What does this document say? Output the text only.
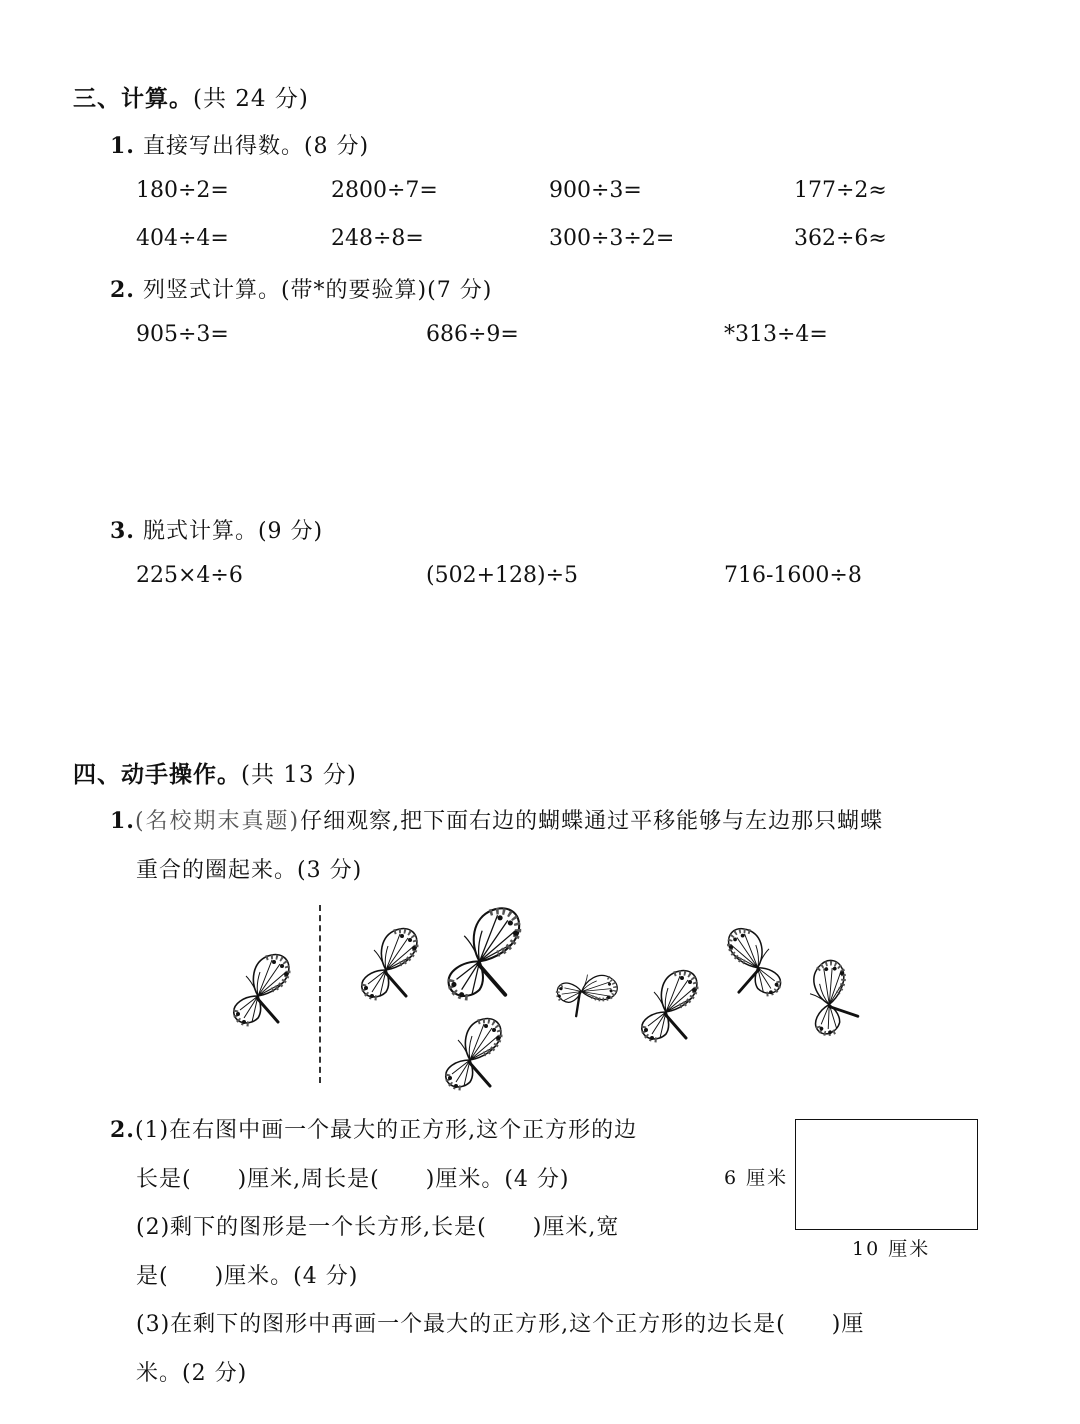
三、计算。(共 24 分)
1. 直接写出得数。(8 分)
180÷2=	2800÷7=	900÷3=	177÷2≈
404÷4=	248÷8=	300÷3÷2=	362÷6≈
2. 列竖式计算。(带*的要验算)(7 分)
905÷3=	686÷9=	*313÷4=
3. 脱式计算。(9 分)
225×4÷6	(502+128)÷5	716-1600÷8
四、动手操作。(共 13 分)
1.(名校期末真题)仔细观察,把下面右边的蝴蝶通过平移能够与左边那只蝴蝶
重合的圈起来。(3 分)
2.(1)在右图中画一个最大的正方形,这个正方形的边
长是(　　)厘米,周长是(　　)厘米。(4 分)
(2)剩下的图形是一个长方形,长是(　　)厘米,宽
是(　　)厘米。(4 分)
(3)在剩下的图形中再画一个最大的正方形,这个正方形的边长是(　　)厘
米。(2 分)
6 厘米
10 厘米
